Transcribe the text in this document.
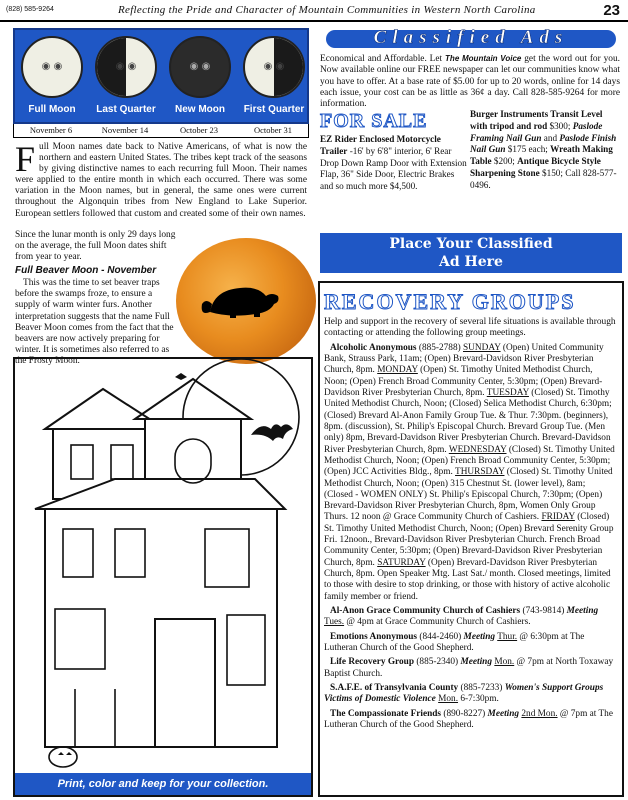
(828) 585-9264	Reflecting the Pride and Character of Mountain Communities in Western North Carolina	23
◉ ◉	◉ ◉	◉ ◉	◉ ◉
Full Moon	Last Quarter	New Moon	First Quarter
November 6	November 14	October 23	October 31
Full Moon names date back to Native Americans, of what is now the northern and eastern United States. The tribes kept track of the seasons by giving distinctive names to each recurring full Moon. Their names were applied to the entire month in which each occurred. There was some variation in the Moon names, but in general, the same ones were current throughout the Algonquin tribes from New England to Lake Superior. European settlers followed that custom and created some of their own names.
Since the lunar month is only 29 days long on the average, the full Moon dates shift from year to year.
Full Beaver Moon - November
This was the time to set beaver traps before the swamps froze, to ensure a supply of warm winter furs. Another interpretation suggests that the name Full Beaver Moon comes from the fact that the beavers are now actively preparing for winter. It is sometimes also referred to as the Frosty Moon.
Print, color and keep for your collection.
Classified Ads
Economical and Affordable. Let The Mountain Voice get the word out for you. Now available online our FREE newspaper can let our communities know what you have to offer. At a base rate of $5.00 for up to 20 words, online for 14 days each issue, your cost can be as little as 36¢ a day. Call 828-585-9264 for more information.
FOR SALE
EZ Rider Enclosed Motorcycle Trailer -16' by 6'8" interior, 6' Rear Drop Down Ramp Door with Extension Flap, 36" Side Door, Electric Brakes and so much more $4,500.
Burger Instruments Transit Level with tripod and rod $300; Paslode Framing Nail Gun and Paslode Finish Nail Gun $175 each; Wreath Making Table $200; Antique Bicycle Style Sharpening Stone $150; Call 828-577-0496.
Place Your Classified
Ad Here
RECOVERY GROUPS
Help and support in the recovery of several life situations is available through contacting or attending the following group meetings.
Alcoholic Anonymous (885-2788) SUNDAY (Open) United Community Bank, Strauss Park, 11am; (Open) Brevard-Davidson River Presbyterian Church, 8pm. MONDAY (Open) St. Timothy United Methodist Church, Noon; (Open) French Broad Community Center, 5:30pm; (Open) Brevard-Davidson River Presbyterian Church, 8pm. TUESDAY (Closed) St. Timothy United Methodist Church, Noon; (Closed) Selica Methodist Church, 6:30pm; (Closed) Brevard Al-Anon Family Group Tue. & Thur. 7:30pm. (beginners), 8pm. (discussion), St. Philip's Episcopal Church. Brevard Group Tue. (Men only) 8pm, Brevard-Davidson River Presbyterian Church. Brevard-Davidson River Presbyterian Church, 8pm. WEDNESDAY (Closed) St. Timothy United Methodist Church, Noon; (Open) French Broad Community Center, 5:30pm; (Open) JCC Activities Bldg., 8pm. THURSDAY (Closed) St. Timothy United Methodist Church, Noon; (Open) 315 Chestnut St. (lower level), 8am; (Closed - WOMEN ONLY) St. Philip's Episcopal Church, 7:30pm; (Open) Brevard-Davidson River Presbyterian Church, 8pm, Women Only Group Thurs. 12 noon @ Grace Community Church of Cashiers. FRIDAY (Closed) St. Timothy United Methodist Church, Noon; (Open) Brevard Serenity Group Fri. 12noon., Brevard-Davidson River Presbyterian Church. French Broad Community Center, 5:30pm; (Open) Brevard-Davidson River Presbyterian Church, 8pm. SATURDAY (Open) Brevard-Davidson River Presbyterian Church, 8pm. Open Speaker Mtg. Last Sat./ month. Closed meetings, limited to those with desire to stop drinking, or those with history of active alcoholic family member or friend.
Al-Anon Grace Community Church of Cashiers (743-9814) Meeting Tues. @ 4pm at Grace Community Church of Cashiers.
Emotions Anonymous (844-2460) Meeting Thur. @ 6:30pm at The Lutheran Church of the Good Shepherd.
Life Recovery Group (885-2340) Meeting Mon. @ 7pm at North Toxaway Baptist Church.
S.A.F.E. of Transylvania County (885-7233) Women's Support Groups Victims of Domestic Violence Mon. 6-7:30pm.
The Compassionate Friends (890-8227) Meeting 2nd Mon. @ 7pm at The Lutheran Church of the Good Shepherd.
